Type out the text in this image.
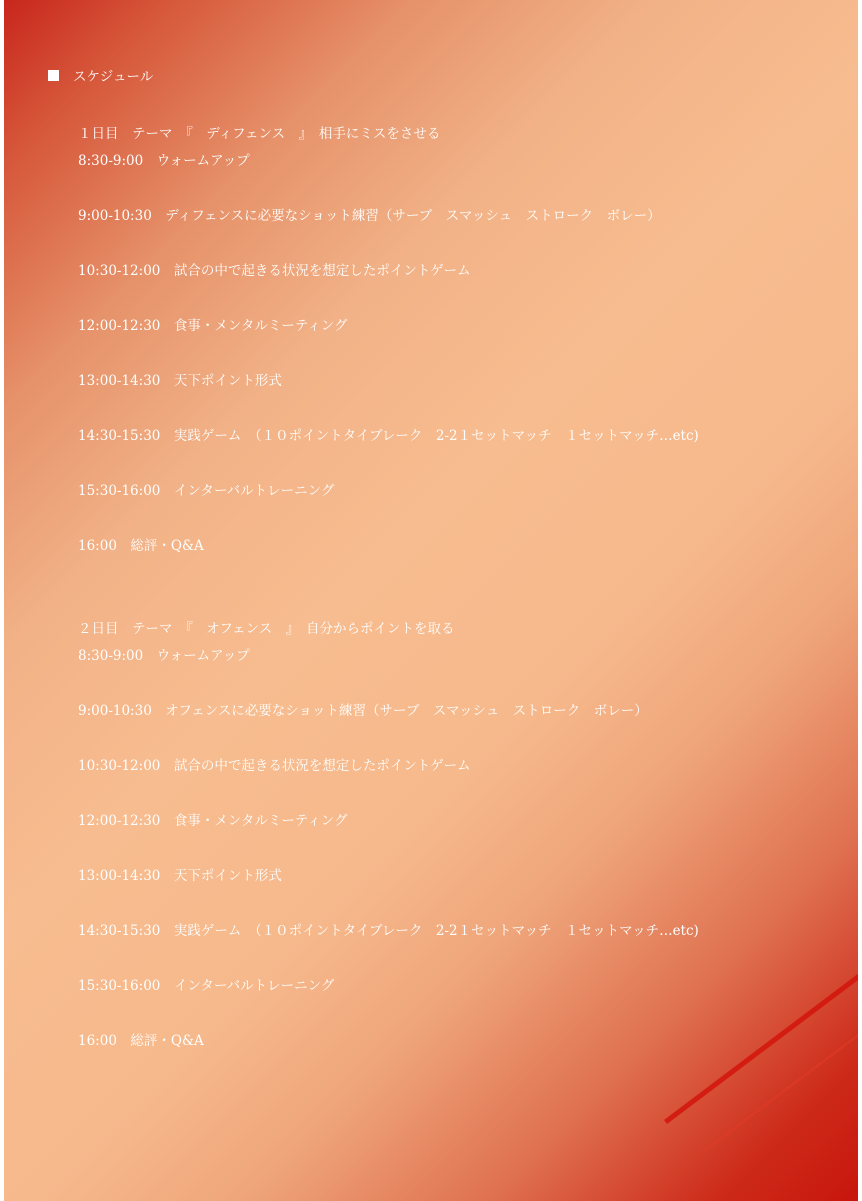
スケジュール
１日目　テーマ　『　ディフェンス　』　相手にミスをさせる
8:30-9:00　ウォームアップ
9:00-10:30　ディフェンスに必要なショット練習（サーブ　スマッシュ　ストローク　ボレー）
10:30-12:00　試合の中で起きる状況を想定したポイントゲーム
12:00-12:30　食事・メンタルミーティング
13:00-14:30　天下ポイント形式
14:30-15:30　実践ゲーム　（１０ポイントタイブレーク　2-2１セットマッチ　１セットマッチ…etc)
15:30-16:00　インターバルトレーニング
16:00　総評・Q&A
２日目　テーマ　『　オフェンス　』　自分からポイントを取る
8:30-9:00　ウォームアップ
9:00-10:30　オフェンスに必要なショット練習（サーブ　スマッシュ　ストローク　ボレー）
10:30-12:00　試合の中で起きる状況を想定したポイントゲーム
12:00-12:30　食事・メンタルミーティング
13:00-14:30　天下ポイント形式
14:30-15:30　実践ゲーム　（１０ポイントタイブレーク　2-2１セットマッチ　１セットマッチ…etc)
15:30-16:00　インターバルトレーニング
16:00　総評・Q&A
